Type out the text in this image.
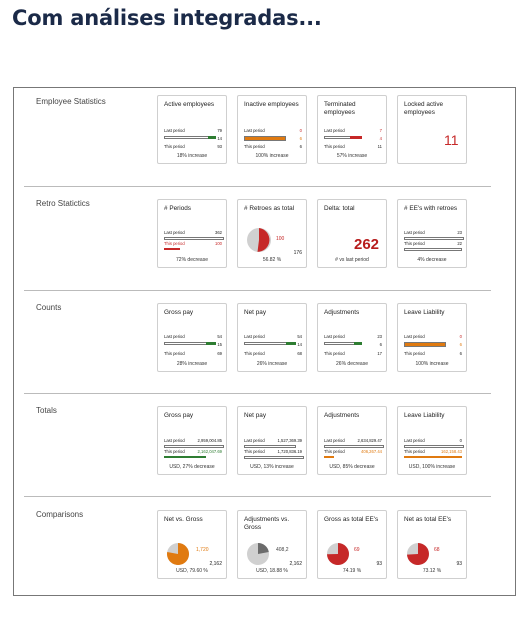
Com análises integradas...
Employee Statistics	Active employees
Last period	79
14
This period	93
18% increase
Inactive employees
Last period	0
6
This period	6
100% increase
Terminated employees
Last period	7
4
This period	11
57% increase
Locked active employees
11
Retro Statictics
# Periods
Last period	362
This period	100
72% decrease
# Retroes as total
100
176
56.82 %
Delta: total
262
# vs last period
# EE's with retroes
Last period	23
This period	22
4% decrease
Counts
Gross pay
Last period	54
15
This period	69
28% increase
Net pay
Last period	54
14
This period	68
26% increase
Adjustments
Last period	23
6
This period	17
26% decrease
Leave Liability
Last period	0
6
This period	6
100% increase
Totals
Gross pay
Last period	2,959,004.85
This period	2,162,047.69
USD, 27% decrease
Net pay
Last period	1,527,369.39
This period	1,720,836.19
USD, 13% increase
Adjustments
Last period	2,634,829.47
This period	406,267.44
USD, 85% decrease
Leave Liability
Last period	0
This period	162,158.43
USD, 100% increase
Comparisons
Net vs. Gross
1,720
2,162
USD, 79.60 %
Adjustments vs. Gross
408,2
2,162
USD, 18.88 %
Gross as total EE's
69
93
74.19 %
Net as total EE's
68
93
73.12 %
